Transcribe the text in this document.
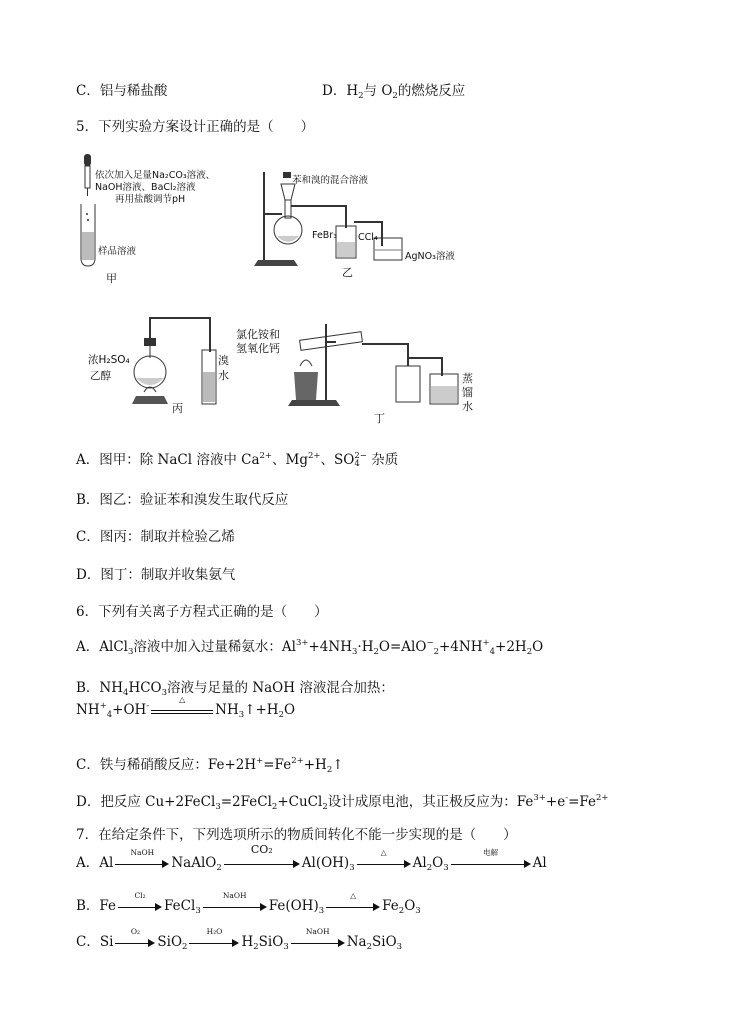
C．铝与稀盐酸	D．$H_2$与 $O_2$的燃烧反应
5．下列实验方案设计正确的是（　　）
依次加入足量Na₂CO₃溶液、
NaOH溶液、BaCl₂溶液
再用盐酸调节pH
样品溶液
甲
苯和溴的混合溶液
FeBr₃ CCl₄
AgNO₃溶液
乙
浓H₂SO₄
乙醇
溴
水
丙
氯化铵和
氢氧化钙
蒸
馏
水
丁
A．图甲：除 NaCl 溶液中 $Ca^{2+}$、$Mg^{2+}$、SO 2−
4 杂质
B．图乙：验证苯和溴发生取代反应
C．图丙：制取并检验乙烯
D．图丁：制取并收集氨气
6．下列有关离子方程式正确的是（　　）
A．AlCl$_3$溶液中加入过量稀氨水：$Al^{3+}+4NH_3\cdot H_2O=AlO^-_2+4NH^+_4+2H_2O$
B．$NH_4HCO_3$溶液与足量的 NaOH 溶液混合加热：
$NH^+_4+OH^-$
△
$NH_3↑+H_2O$
C．铁与稀硝酸反应：$Fe+2H^+=Fe^{2+}+H_2↑$
D．把反应 Cu+2FeCl$_3$=2FeCl$_2$+CuCl$_2$设计成原电池，其正极反应为：$Fe^{3+}+e^-=Fe^{2+}$
7．在给定条件下，下列选项所示的物质间转化不能一步实现的是（　　）
A．Al
NaOH
NaAlO$_2$
CO₂
$Al(OH)_3$
△
$Al_2O_3$
电解
Al
B．Fe
Cl₂
FeCl$_3$
NaOH
$Fe(OH)_3$
△
$Fe_2O_3$
C．Si
O₂
SiO$_2$
H₂O
$H_2SiO_3$
NaOH
$Na_2SiO_3$
